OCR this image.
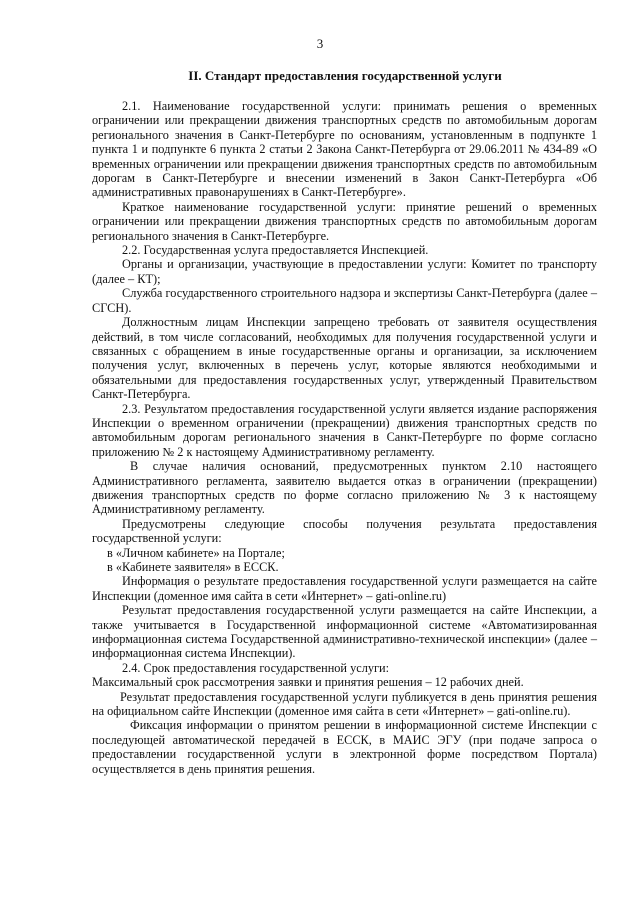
3
II. Стандарт предоставления государственной услуги

2.1. Наименование государственной услуги: принимать решения о временных ограничении или прекращении движения транспортных средств по автомобильным дорогам регионального значения в Санкт-Петербурге по основаниям, установленным в подпункте 1 пункта 1 и подпункте 6 пункта 2 статьи 2 Закона Санкт-Петербурга от 29.06.2011 № 434-89 «О временных ограничении или прекращении движения транспортных средств по автомобильным дорогам в Санкт-Петербурге и внесении изменений в Закон Санкт-Петербурга «Об административных правонарушениях в Санкт-Петербурге».

Краткое наименование государственной услуги: принятие решений о временных ограничении или прекращении движения транспортных средств по автомобильным дорогам регионального значения в Санкт-Петербурге.

2.2. Государственная услуга предоставляется Инспекцией.

Органы и организации, участвующие в предоставлении услуги: Комитет по транспорту (далее – КТ);

Служба государственного строительного надзора и экспертизы Санкт-Петербурга (далее – СГСН).

Должностным лицам Инспекции запрещено требовать от заявителя осуществления действий, в том числе согласований, необходимых для получения государственной услуги и связанных с обращением в иные государственные органы и организации, за исключением получения услуг, включенных в перечень услуг, которые являются необходимыми и обязательными для предоставления государственных услуг, утвержденный Правительством Санкт-Петербурга.

2.3. Результатом предоставления государственной услуги является издание распоряжения Инспекции о временном ограничении (прекращении) движения транспортных средств по автомобильным дорогам регионального значения в Санкт-Петербурге по форме согласно приложению № 2 к настоящему Административному регламенту.

В случае наличия оснований, предусмотренных пунктом 2.10 настоящего Административного регламента, заявителю выдается отказ в ограничении (прекращении) движения транспортных средств по форме согласно приложению № 3 к настоящему Административному регламенту.

Предусмотрены следующие способы получения результата предоставления государственной услуги:

в «Личном кабинете» на Портале;

в «Кабинете заявителя» в ЕССК.

Информация о результате предоставления государственной услуги размещается на сайте Инспекции (доменное имя сайта в сети «Интернет» – gati-online.ru)

Результат предоставления государственной услуги размещается на сайте Инспекции, а также учитывается в Государственной информационной системе «Автоматизированная информационная система Государственной административно-технической инспекции» (далее – информационная система Инспекции).

2.4. Срок предоставления государственной услуги:

Максимальный срок рассмотрения заявки и принятия решения – 12 рабочих дней.

Результат предоставления государственной услуги публикуется в день принятия решения на официальном сайте Инспекции (доменное имя сайта в сети «Интернет» – gati-online.ru).

Фиксация информации о принятом решении в информационной системе Инспекции с последующей автоматической передачей в ЕССК, в МАИС ЭГУ (при подаче запроса о предоставлении государственной услуги в электронной форме посредством Портала) осуществляется в день принятия решения.
